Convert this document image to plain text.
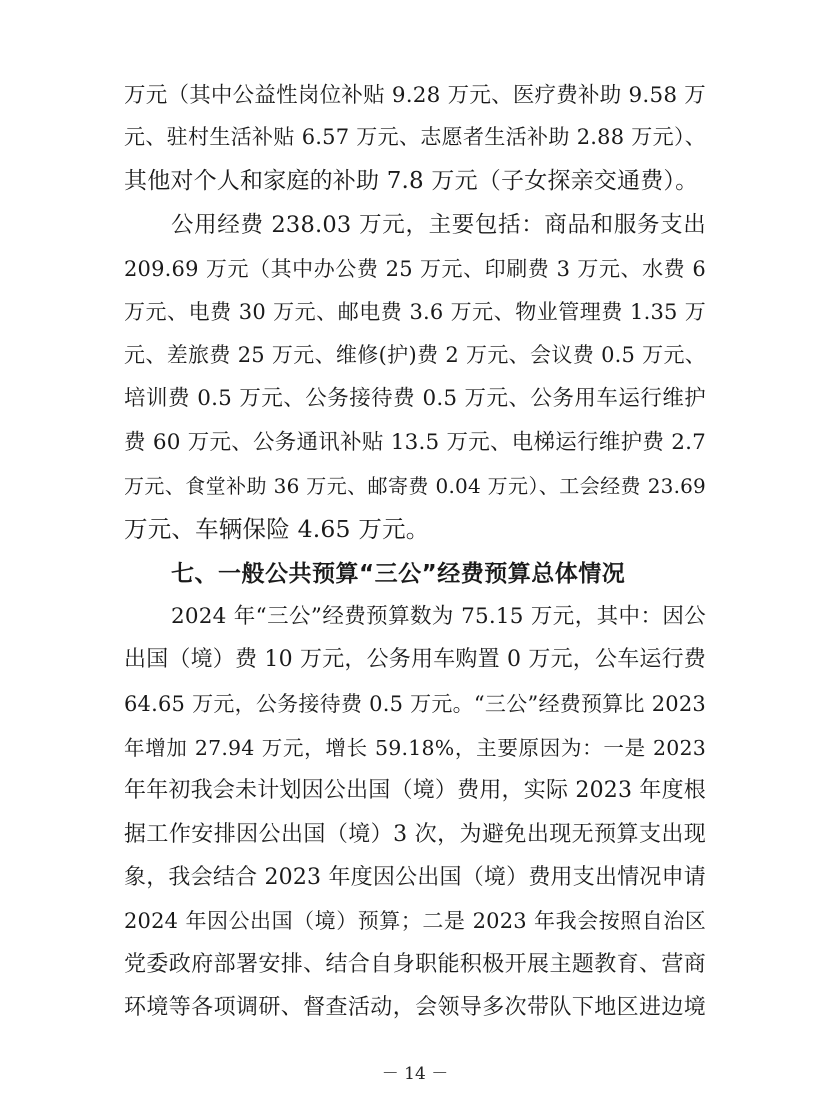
万元（其中公益性岗位补贴 9.28 万元、医疗费补助 9.58 万
元、驻村生活补贴 6.57 万元、志愿者生活补助 2.88 万元）、
其他对个人和家庭的补助 7.8 万元（子女探亲交通费）。
公用经费 238.03 万元，主要包括：商品和服务支出
209.69 万元（其中办公费 25 万元、印刷费 3 万元、水费 6
万元、电费 30 万元、邮电费 3.6 万元、物业管理费 1.35 万
元、差旅费 25 万元、维修(护)费 2 万元、会议费 0.5 万元、
培训费 0.5 万元、公务接待费 0.5 万元、公务用车运行维护
费 60 万元、公务通讯补贴 13.5 万元、电梯运行维护费 2.7
万元、食堂补助 36 万元、邮寄费 0.04 万元）、工会经费 23.69
万元、车辆保险 4.65 万元。
七、一般公共预算“三公”经费预算总体情况
2024 年“三公”经费预算数为 75.15 万元，其中：因公
出国（境）费 10 万元，公务用车购置 0 万元，公车运行费
64.65 万元，公务接待费 0.5 万元。“三公”经费预算比 2023
年增加 27.94 万元，增长 59.18%，主要原因为：一是 2023
年年初我会未计划因公出国（境）费用，实际 2023 年度根
据工作安排因公出国（境）3 次，为避免出现无预算支出现
象，我会结合 2023 年度因公出国（境）费用支出情况申请
2024 年因公出国（境）预算；二是 2023 年我会按照自治区
党委政府部署安排、结合自身职能积极开展主题教育、营商
环境等各项调研、督查活动，会领导多次带队下地区进边境
－ 14 －
